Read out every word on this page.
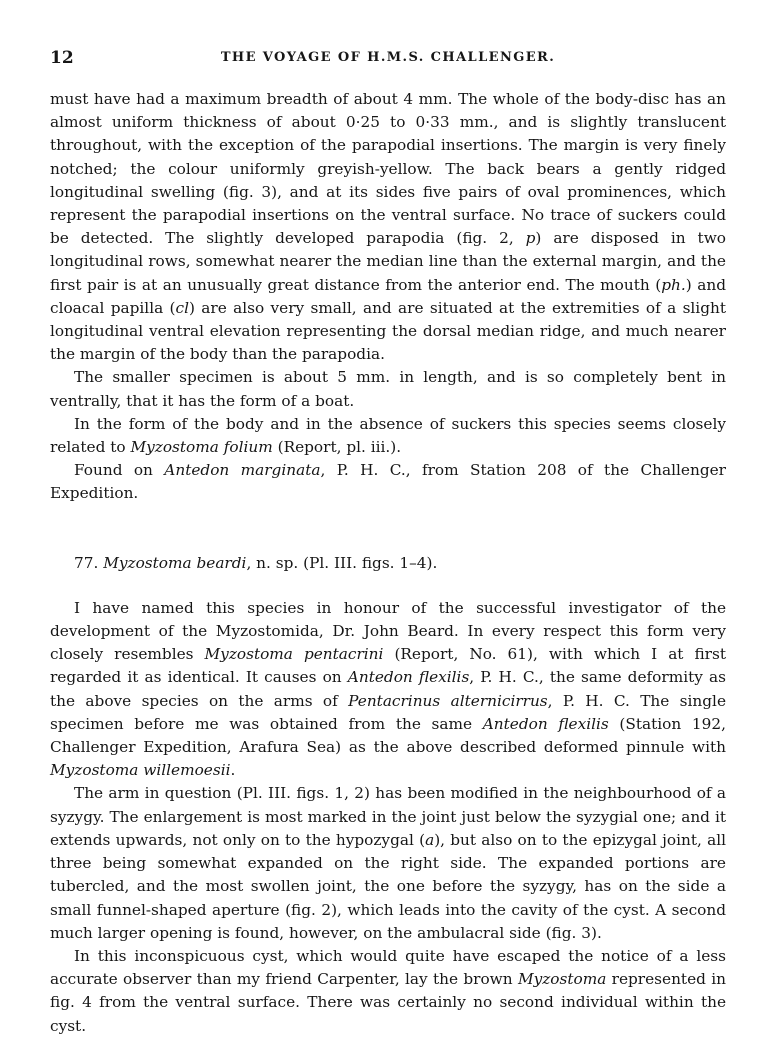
12	THE VOYAGE OF H.M.S. CHALLENGER.

must have had a maximum breadth of about 4 mm. The whole of the body-disc has an almost uniform thickness of about 0·25 to 0·33 mm., and is slightly translucent throughout, with the exception of the parapodial insertions. The margin is very finely notched; the colour uniformly greyish-yellow. The back bears a gently ridged longitudinal swelling (fig. 3), and at its sides five pairs of oval prominences, which represent the parapodial insertions on the ventral surface. No trace of suckers could be detected. The slightly developed parapodia (fig. 2, p) are disposed in two longitudinal rows, somewhat nearer the median line than the external margin, and the first pair is at an unusually great distance from the anterior end. The mouth (ph.) and cloacal papilla (cl) are also very small, and are situated at the extremities of a slight longitudinal ventral elevation representing the dorsal median ridge, and much nearer the margin of the body than the parapodia.

The smaller specimen is about 5 mm. in length, and is so completely bent in ventrally, that it has the form of a boat.

In the form of the body and in the absence of suckers this species seems closely related to Myzostoma folium (Report, pl. iii.).

Found on Antedon marginata, P. H. C., from Station 208 of the Challenger Expedition.

77. Myzostoma beardi, n. sp. (Pl. III. figs. 1–4).

I have named this species in honour of the successful investigator of the development of the Myzostomida, Dr. John Beard. In every respect this form very closely resembles Myzostoma pentacrini (Report, No. 61), with which I at first regarded it as identical. It causes on Antedon flexilis, P. H. C., the same deformity as the above species on the arms of Pentacrinus alternicirrus, P. H. C. The single specimen before me was obtained from the same Antedon flexilis (Station 192, Challenger Expedition, Arafura Sea) as the above described deformed pinnule with Myzostoma willemoesii.

The arm in question (Pl. III. figs. 1, 2) has been modified in the neighbourhood of a syzygy. The enlargement is most marked in the joint just below the syzygial one; and it extends upwards, not only on to the hypozygal (a), but also on to the epizygal joint, all three being somewhat expanded on the right side. The expanded portions are tubercled, and the most swollen joint, the one before the syzygy, has on the side a small funnel-shaped aperture (fig. 2), which leads into the cavity of the cyst. A second much larger opening is found, however, on the ambulacral side (fig. 3).

In this inconspicuous cyst, which would quite have escaped the notice of a less accurate observer than my friend Carpenter, lay the brown Myzostoma represented in fig. 4 from the ventral surface. There was certainly no second individual within the cyst.
